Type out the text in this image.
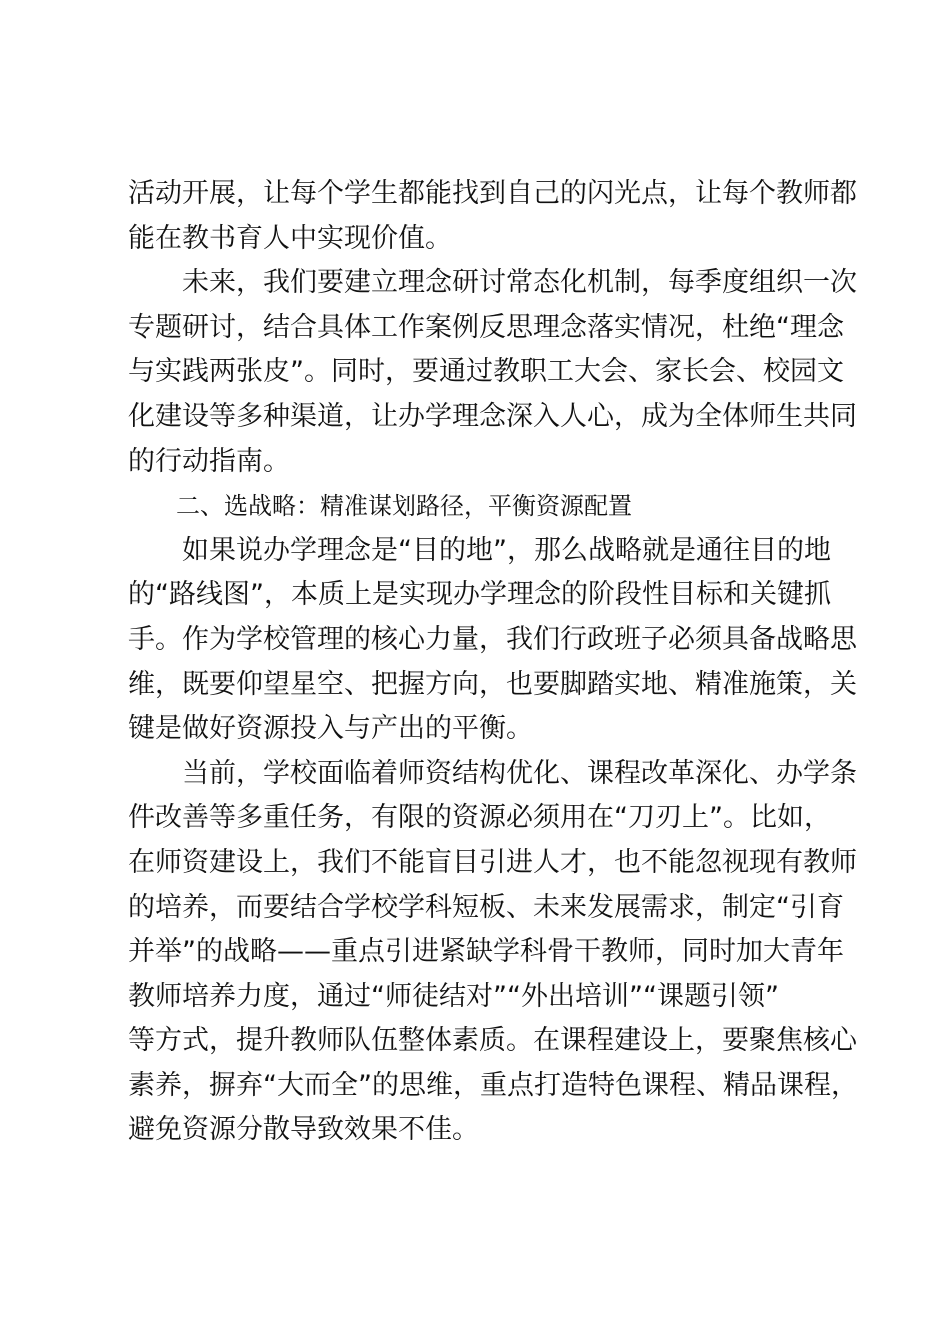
活动开展，让每个学生都能找到自己的闪光点，让每个教师都
能在教书育人中实现价值。
　　未来，我们要建立理念研讨常态化机制，每季度组织一次
专题研讨，结合具体工作案例反思理念落实情况，杜绝“理念
与实践两张皮”。同时，要通过教职工大会、家长会、校园文
化建设等多种渠道，让办学理念深入人心，成为全体师生共同
的行动指南。
　　二、选战略：精准谋划路径，平衡资源配置
　　如果说办学理念是“目的地”，那么战略就是通往目的地
的“路线图”，本质上是实现办学理念的阶段性目标和关键抓
手。作为学校管理的核心力量，我们行政班子必须具备战略思
维，既要仰望星空、把握方向，也要脚踏实地、精准施策，关
键是做好资源投入与产出的平衡。
　　当前，学校面临着师资结构优化、课程改革深化、办学条
件改善等多重任务，有限的资源必须用在“刀刃上”。比如，
在师资建设上，我们不能盲目引进人才，也不能忽视现有教师
的培养，而要结合学校学科短板、未来发展需求，制定“引育
并举”的战略——重点引进紧缺学科骨干教师，同时加大青年
教师培养力度，通过“师徒结对”“外出培训”“课题引领”
等方式，提升教师队伍整体素质。在课程建设上，要聚焦核心
素养，摒弃“大而全”的思维，重点打造特色课程、精品课程，
避免资源分散导致效果不佳。
